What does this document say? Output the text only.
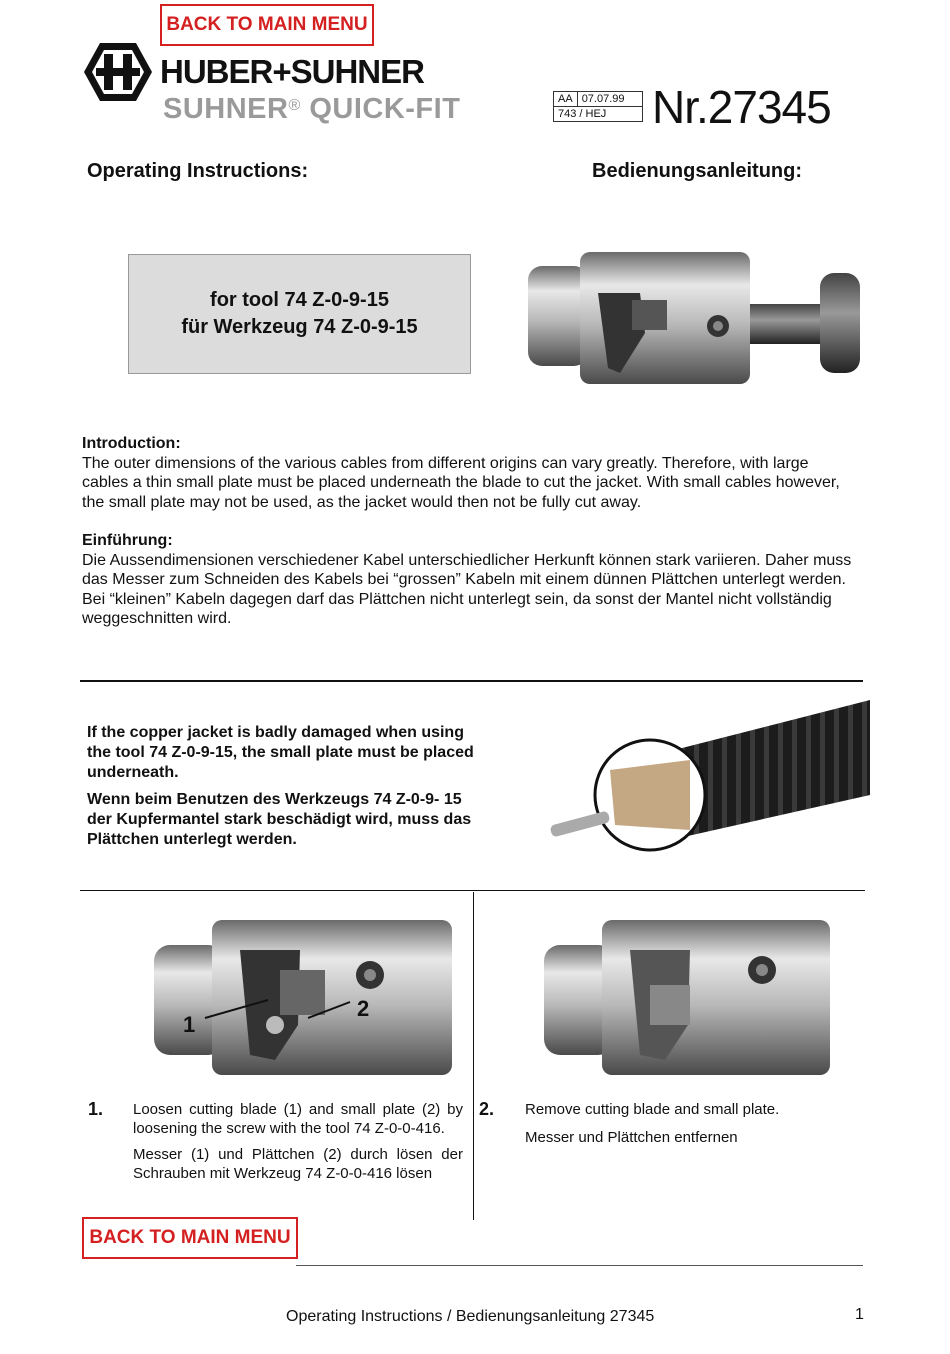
BACK TO MAIN MENU
HUBER+SUHNER
SUHNER® QUICK-FIT	AA	07.07.99
743 / HEJ Nr.27345
Operating Instructions:	Bedienungsanleitung:
for tool 74 Z-0-9-15
für Werkzeug 74 Z-0-9-15
Introduction:
The outer dimensions of the various cables from different origins can vary greatly. Therefore, with large cables a thin small plate must be placed underneath the blade to cut the jacket. With small cables however, the small plate may not be used, as the jacket would then not be fully cut away.
Einführung:
Die Aussendimensionen verschiedener Kabel unterschiedlicher Herkunft können stark variieren. Daher muss das Messer zum Schneiden des Kabels bei “grossen” Kabeln mit einem dünnen Plättchen unterlegt werden. Bei “kleinen” Kabeln dagegen darf das Plättchen nicht unterlegt sein, da sonst der Mantel nicht vollständig weggeschnitten wird.
If the copper jacket is badly damaged when using the tool 74 Z-0-9-15, the small plate must be placed underneath.
Wenn beim Benutzen des Werkzeugs 74 Z-0-9- 15 der Kupfermantel stark beschädigt wird, muss das Plättchen unterlegt werden.
1
2
1. Loosen cutting blade (1) and small plate (2) by loosening the screw with the tool 74 Z-0-0-416.
Messer (1) und Plättchen (2) durch lösen der Schrauben mit Werkzeug 74 Z-0-0-416 lösen
2. Remove cutting blade and small plate.
Messer und Plättchen entfernen
BACK TO MAIN MENU
Operating Instructions / Bedienungsanleitung 27345	1
